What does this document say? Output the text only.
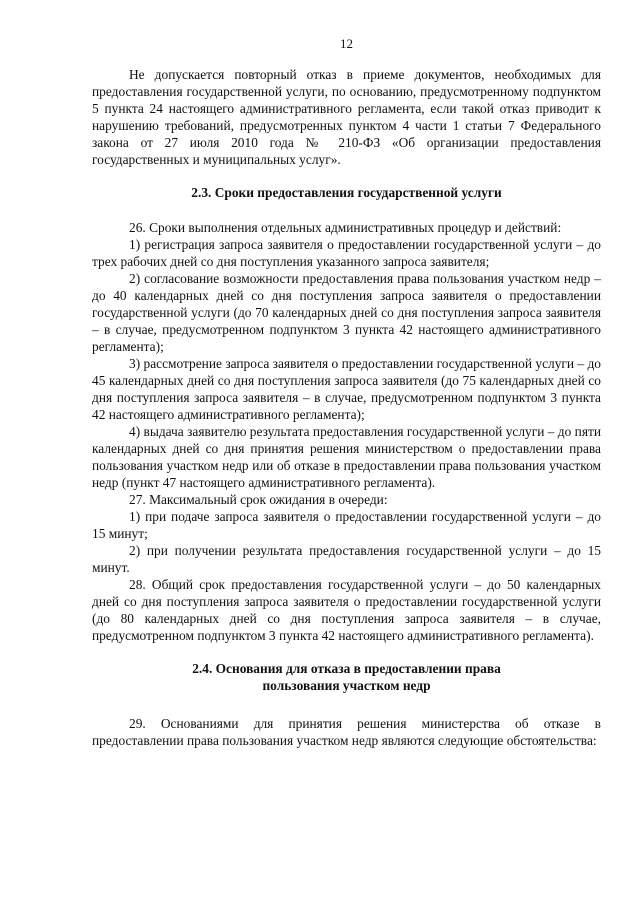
12

Не допускается повторный отказ в приеме документов, необходимых для предоставления государственной услуги, по основанию, предусмотренному подпунктом 5 пункта 24 настоящего административного регламента, если такой отказ приводит к нарушению требований, предусмотренных пунктом 4 части 1 статьи 7 Федерального закона от 27 июля 2010 года № 210-ФЗ «Об организации предоставления государственных и муниципальных услуг».

2.3. Сроки предоставления государственной услуги

26. Сроки выполнения отдельных административных процедур и действий:

1) регистрация запроса заявителя о предоставлении государственной услуги – до трех рабочих дней со дня поступления указанного запроса заявителя;

2) согласование возможности предоставления права пользования участком недр – до 40 календарных дней со дня поступления запроса заявителя о предоставлении государственной услуги (до 70 календарных дней со дня поступления запроса заявителя – в случае, предусмотренном подпунктом 3 пункта 42 настоящего административного регламента);

3) рассмотрение запроса заявителя о предоставлении государственной услуги – до 45 календарных дней со дня поступления запроса заявителя (до 75 календарных дней со дня поступления запроса заявителя – в случае, предусмотренном подпунктом 3 пункта 42 настоящего административного регламента);

4) выдача заявителю результата предоставления государственной услуги – до пяти календарных дней со дня принятия решения министерством о предоставлении права пользования участком недр или об отказе в предоставлении права пользования участком недр (пункт 47 настоящего административного регламента).

27. Максимальный срок ожидания в очереди:

1) при подаче запроса заявителя о предоставлении государственной услуги – до 15 минут;

2) при получении результата предоставления государственной услуги – до 15 минут.

28. Общий срок предоставления государственной услуги – до 50 календарных дней со дня поступления запроса заявителя о предоставлении государственной услуги (до 80 календарных дней со дня поступления запроса заявителя – в случае, предусмотренном подпунктом 3 пункта 42 настоящего административного регламента).

2.4. Основания для отказа в предоставлении права
пользования участком недр

29. Основаниями для принятия решения министерства об отказе в предоставлении права пользования участком недр являются следующие обстоятельства:
